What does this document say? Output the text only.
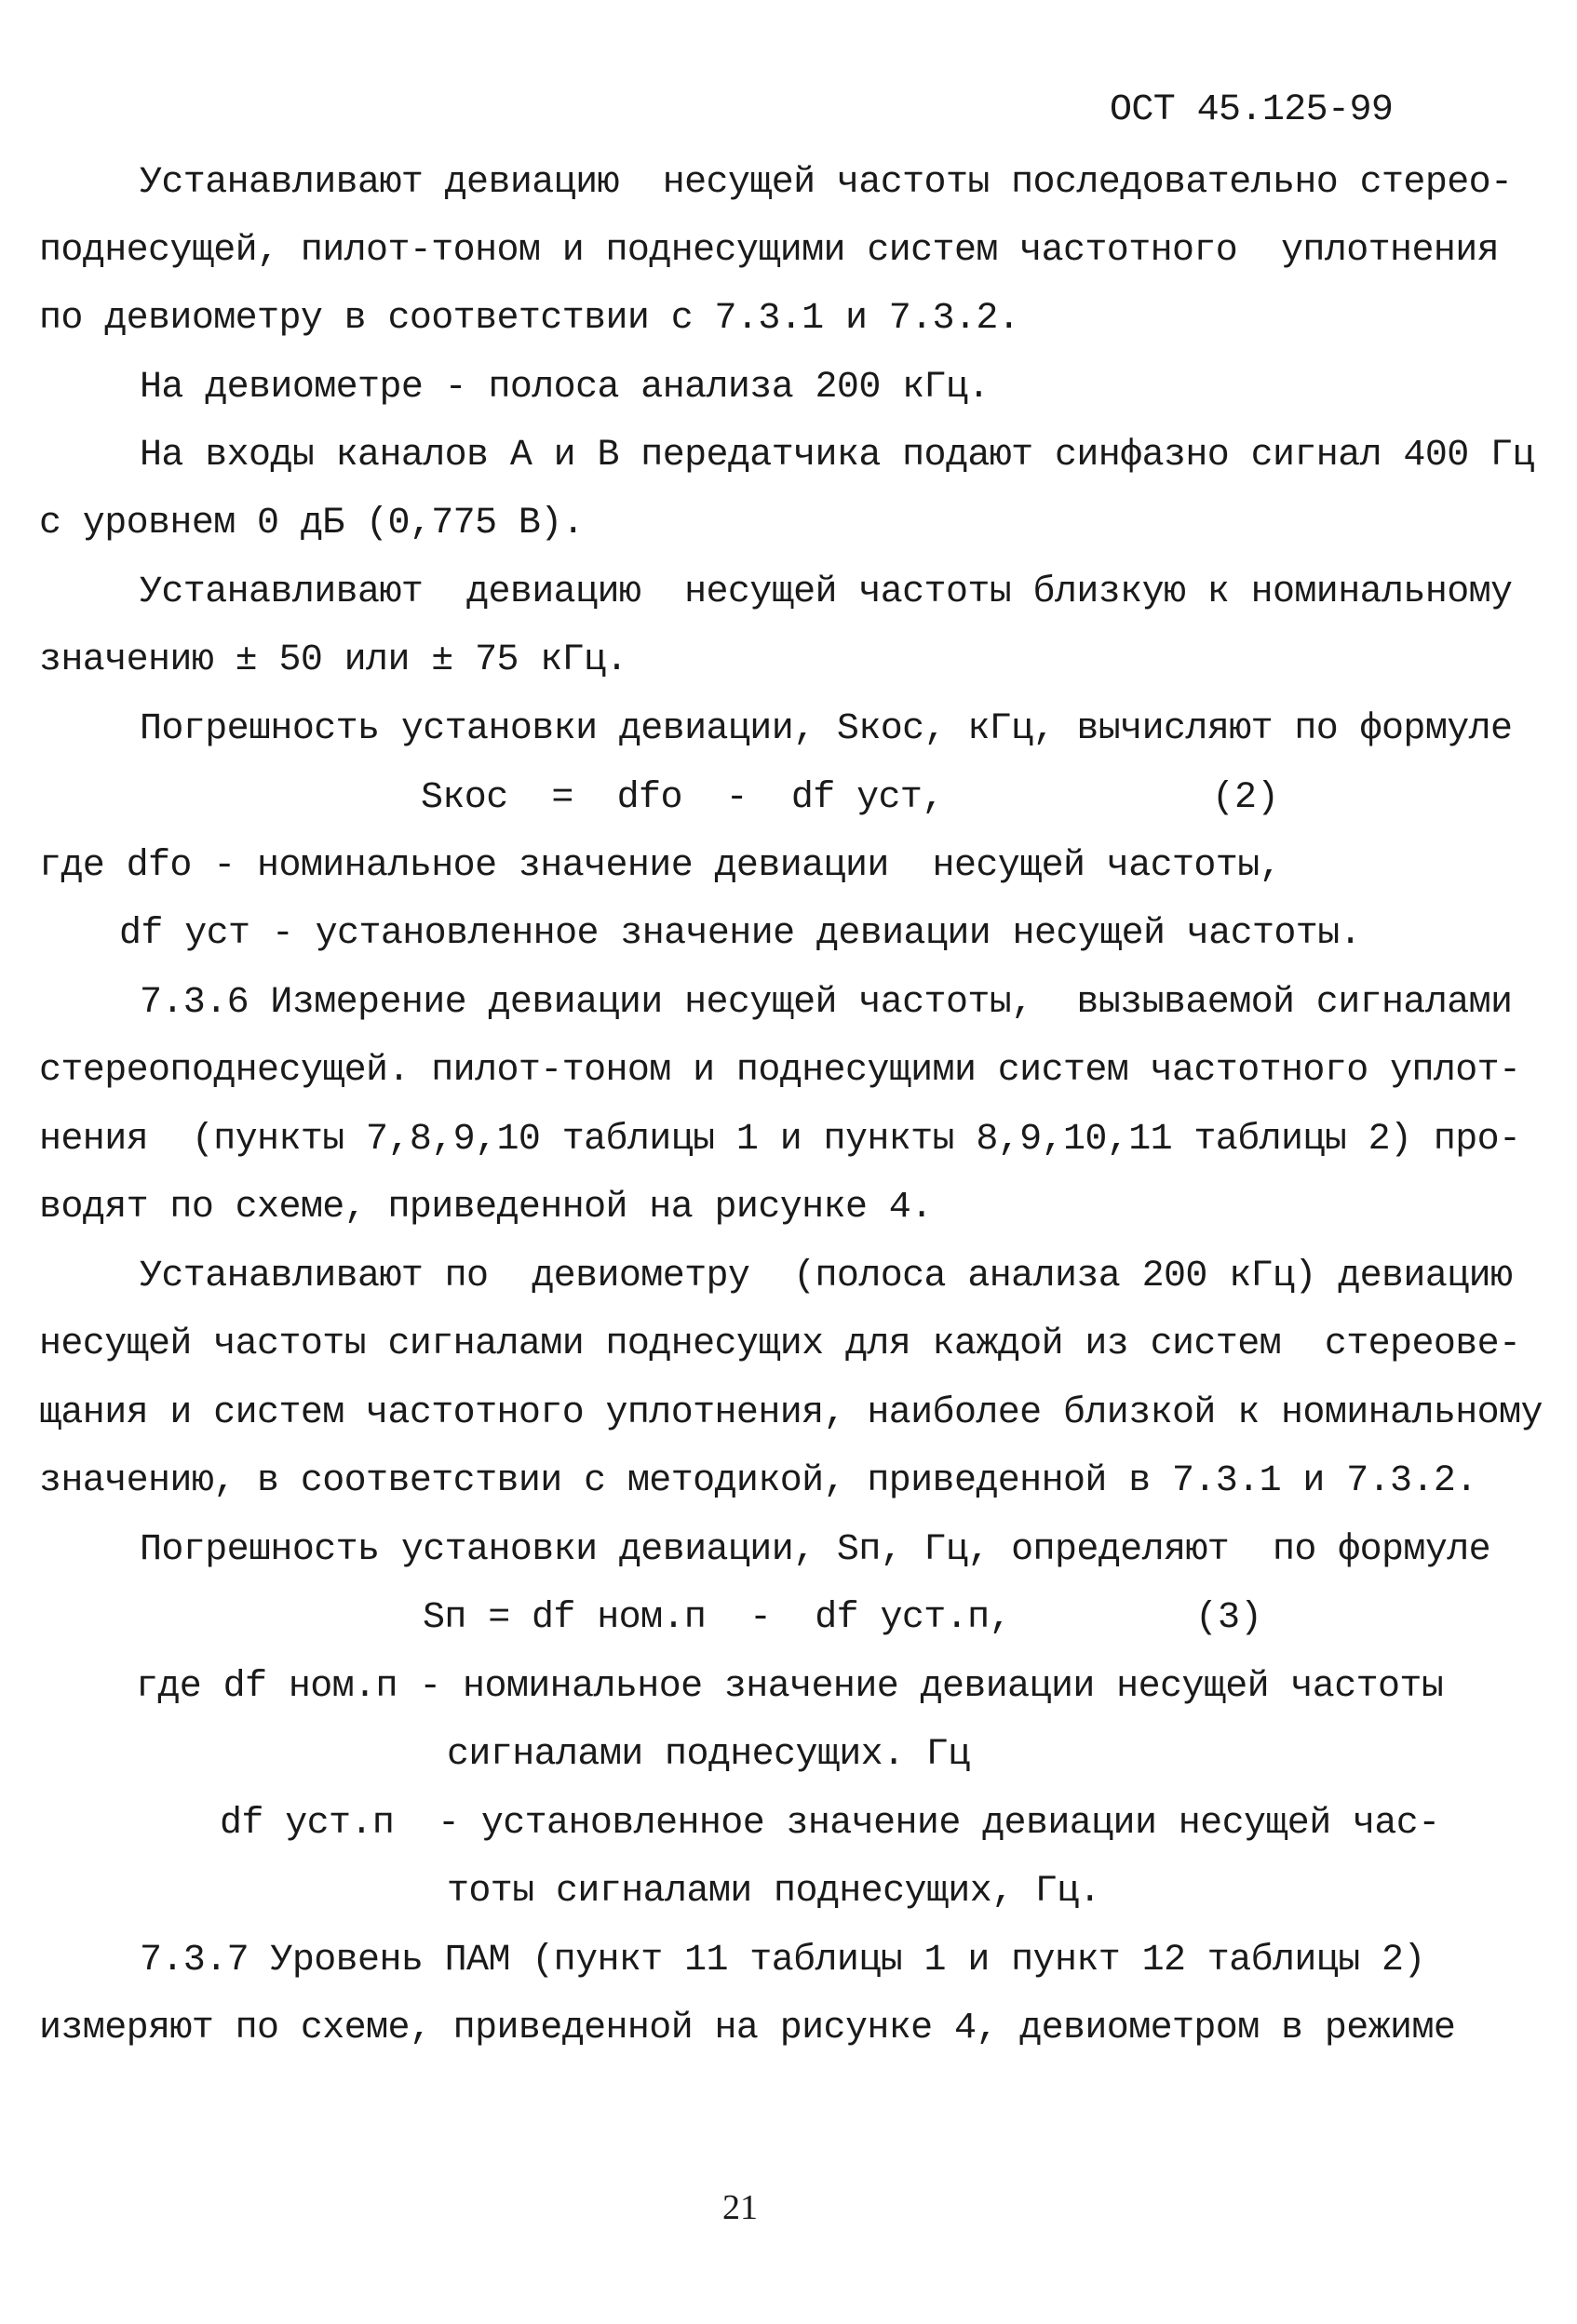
ОСТ 45.125-99
Устанавливают девиацию  несущей частоты последовательно стерео-
поднесущей, пилот-тоном и поднесущими систем частотного  уплотнения
по девиометру в соответствии с 7.3.1 и 7.3.2.
На девиометре - полоса анализа 200 кГц.
На входы каналов А и В передатчика подают синфазно сигнал 400 Гц
с уровнем 0 дБ (0,775 В).
Устанавливают  девиацию  несущей частоты близкую к номинальному
значению ± 50 или ± 75 кГц.
Погрешность установки девиации, Sкос, кГц, вычисляют по формуле
Sкос  =  dfo  -  df уст,	(2)
где dfo - номинальное значение девиации  несущей частоты,
df уст - установленное значение девиации несущей частоты.
7.3.6 Измерение девиации несущей частоты,  вызываемой сигналами
стереоподнесущей. пилот-тоном и поднесущими систем частотного уплот-
нения  (пункты 7,8,9,10 таблицы 1 и пункты 8,9,10,11 таблицы 2) про-
водят по схеме, приведенной на рисунке 4.
Устанавливают по  девиометру  (полоса анализа 200 кГц) девиацию
несущей частоты сигналами поднесущих для каждой из систем  стереове-
щания и систем частотного уплотнения, наиболее близкой к номинальному
значению, в соответствии с методикой, приведенной в 7.3.1 и 7.3.2.
Погрешность установки девиации, Sп, Гц, определяют  по формуле
Sп = df ном.п  -  df уст.п,	(3)
где df ном.п - номинальное значение девиации несущей частоты
сигналами поднесущих. Гц
df уст.п  - установленное значение девиации несущей час-
тоты сигналами поднесущих, Гц.
7.3.7 Уровень ПАМ (пункт 11 таблицы 1 и пункт 12 таблицы 2)
измеряют по схеме, приведенной на рисунке 4, девиометром в режиме
21
